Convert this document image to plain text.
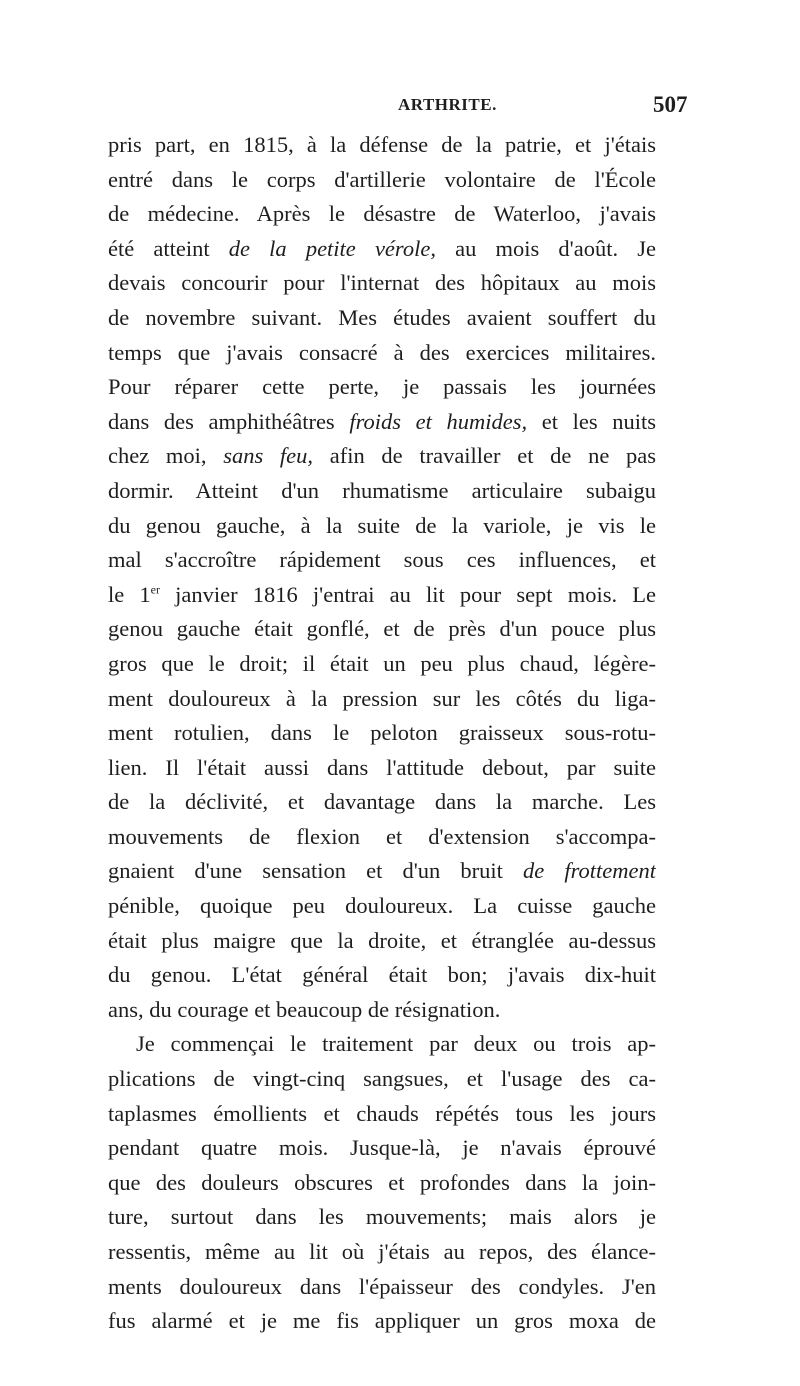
ARTHRITE.	507
pris part, en 1815, à la défense de la patrie, et j'étais
entré dans le corps d'artillerie volontaire de l'École
de médecine. Après le désastre de Waterloo, j'avais
été atteint de la petite vérole, au mois d'août. Je
devais concourir pour l'internat des hôpitaux au mois
de novembre suivant. Mes études avaient souffert du
temps que j'avais consacré à des exercices militaires.
Pour réparer cette perte, je passais les journées
dans des amphithéâtres froids et humides, et les nuits
chez moi, sans feu, afin de travailler et de ne pas
dormir. Atteint d'un rhumatisme articulaire subaigu
du genou gauche, à la suite de la variole, je vis le
mal s'accroître rápidement sous ces influences, et
le 1er janvier 1816 j'entrai au lit pour sept mois. Le
genou gauche était gonflé, et de près d'un pouce plus
gros que le droit; il était un peu plus chaud, légère-
ment douloureux à la pression sur les côtés du liga-
ment rotulien, dans le peloton graisseux sous-rotu-
lien. Il l'était aussi dans l'attitude debout, par suite
de la déclivité, et davantage dans la marche. Les
mouvements de flexion et d'extension s'accompa-
gnaient d'une sensation et d'un bruit de frottement
pénible, quoique peu douloureux. La cuisse gauche
était plus maigre que la droite, et étranglée au-dessus
du genou. L'état général était bon; j'avais dix-huit
ans, du courage et beaucoup de résignation.
Je commençai le traitement par deux ou trois ap-
plications de vingt-cinq sangsues, et l'usage des ca-
taplasmes émollients et chauds répétés tous les jours
pendant quatre mois. Jusque-là, je n'avais éprouvé
que des douleurs obscures et profondes dans la join-
ture, surtout dans les mouvements; mais alors je
ressentis, même au lit où j'étais au repos, des élance-
ments douloureux dans l'épaisseur des condyles. J'en
fus alarmé et je me fis appliquer un gros moxa de
